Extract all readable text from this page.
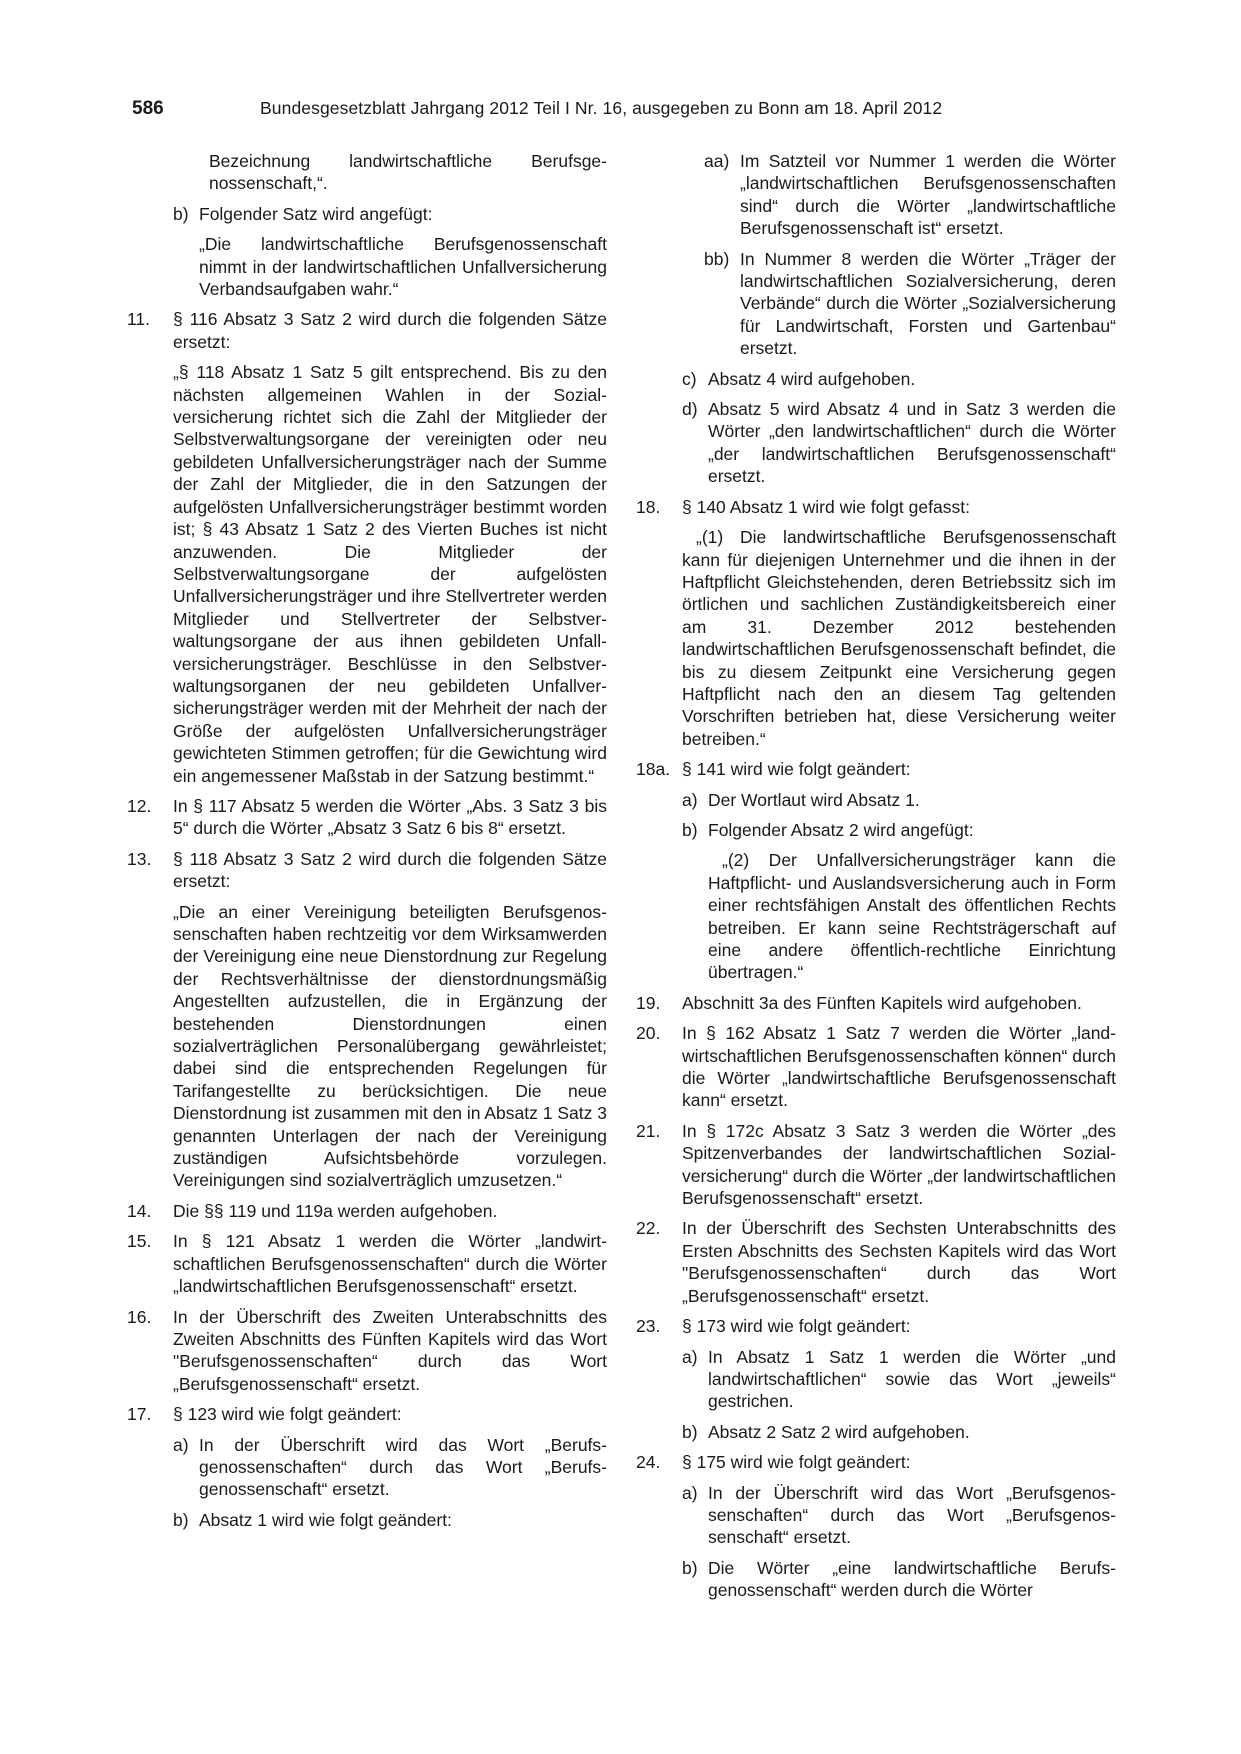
586	Bundesgesetzblatt Jahrgang 2012 Teil I Nr. 16, ausgegeben zu Bonn am 18. April 2012
Bezeichnung landwirtschaftliche Berufsgenossenschaft,“.
b) Folgender Satz wird angefügt:
„Die landwirtschaftliche Berufsgenossenschaft nimmt in der landwirtschaftlichen Unfallversicherung Verbandsaufgaben wahr.“
11.	§ 116 Absatz 3 Satz 2 wird durch die folgenden Sätze ersetzt:
„§ 118 Absatz 1 Satz 5 gilt entsprechend. Bis zu den nächsten allgemeinen Wahlen in der Sozialversicherung richtet sich die Zahl der Mitglieder der Selbstverwaltungsorgane der vereinigten oder neu gebildeten Unfallversicherungsträger nach der Summe der Zahl der Mitglieder, die in den Satzungen der aufgelösten Unfallversicherungsträger bestimmt worden ist; § 43 Absatz 1 Satz 2 des Vierten Buches ist nicht anzuwenden. Die Mitglieder der Selbstverwaltungsorgane der aufgelösten Unfallversicherungsträger und ihre Stellvertreter werden Mitglieder und Stellvertreter der Selbstverwaltungsorgane der aus ihnen gebildeten Unfallversicherungsträger. Beschlüsse in den Selbstverwaltungsorganen der neu gebildeten Unfallversicherungsträger werden mit der Mehrheit der nach der Größe der aufgelösten Unfallversicherungsträger gewichteten Stimmen getroffen; für die Gewichtung wird ein angemessener Maßstab in der Satzung bestimmt.“
12.	In § 117 Absatz 5 werden die Wörter „Abs. 3 Satz 3 bis 5“ durch die Wörter „Absatz 3 Satz 6 bis 8“ ersetzt.
13.	§ 118 Absatz 3 Satz 2 wird durch die folgenden Sätze ersetzt:
„Die an einer Vereinigung beteiligten Berufsgenossenschaften haben rechtzeitig vor dem Wirksamwerden der Vereinigung eine neue Dienstordnung zur Regelung der Rechtsverhältnisse der dienstordnungsmäßig Angestellten aufzustellen, die in Ergänzung der bestehenden Dienstordnungen einen sozialverträglichen Personalübergang gewährleistet; dabei sind die entsprechenden Regelungen für Tarifangestellte zu berücksichtigen. Die neue Dienstordnung ist zusammen mit den in Absatz 1 Satz 3 genannten Unterlagen der nach der Vereinigung zuständigen Aufsichtsbehörde vorzulegen. Vereinigungen sind sozialverträglich umzusetzen.“
14.	Die §§ 119 und 119a werden aufgehoben.
15.	In § 121 Absatz 1 werden die Wörter „landwirtschaftlichen Berufsgenossenschaften“ durch die Wörter „landwirtschaftlichen Berufsgenossenschaft“ ersetzt.
16.	In der Überschrift des Zweiten Unterabschnitts des Zweiten Abschnitts des Fünften Kapitels wird das Wort "Berufsgenossenschaften“ durch das Wort „Berufsgenossenschaft“ ersetzt.
17.	§ 123 wird wie folgt geändert:
a) In der Überschrift wird das Wort „Berufsgenossenschaften“ durch das Wort „Berufsgenossenschaft“ ersetzt.
b) Absatz 1 wird wie folgt geändert:
aa) Im Satzteil vor Nummer 1 werden die Wörter „landwirtschaftlichen Berufsgenossenschaften sind“ durch die Wörter „landwirtschaftliche Berufsgenossenschaft ist“ ersetzt.
bb) In Nummer 8 werden die Wörter „Träger der landwirtschaftlichen Sozialversicherung, deren Verbände“ durch die Wörter „Sozialversicherung für Landwirtschaft, Forsten und Gartenbau“ ersetzt.
c) Absatz 4 wird aufgehoben.
d) Absatz 5 wird Absatz 4 und in Satz 3 werden die Wörter „den landwirtschaftlichen“ durch die Wörter „der landwirtschaftlichen Berufsgenossenschaft“ ersetzt.
18.	§ 140 Absatz 1 wird wie folgt gefasst:
„(1) Die landwirtschaftliche Berufsgenossenschaft kann für diejenigen Unternehmer und die ihnen in der Haftpflicht Gleichstehenden, deren Betriebssitz sich im örtlichen und sachlichen Zuständigkeitsbereich einer am 31. Dezember 2012 bestehenden landwirtschaftlichen Berufsgenossenschaft befindet, die bis zu diesem Zeitpunkt eine Versicherung gegen Haftpflicht nach den an diesem Tag geltenden Vorschriften betrieben hat, diese Versicherung weiter betreiben.“
18a. § 141 wird wie folgt geändert:
a) Der Wortlaut wird Absatz 1.
b) Folgender Absatz 2 wird angefügt:
„(2) Der Unfallversicherungsträger kann die Haftpflicht- und Auslandsversicherung auch in Form einer rechtsfähigen Anstalt des öffentlichen Rechts betreiben. Er kann seine Rechtsträgerschaft auf eine andere öffentlich-rechtliche Einrichtung übertragen.“
19.	Abschnitt 3a des Fünften Kapitels wird aufgehoben.
20.	In § 162 Absatz 1 Satz 7 werden die Wörter „landwirtschaftlichen Berufsgenossenschaften können“ durch die Wörter „landwirtschaftliche Berufsgenossenschaft kann“ ersetzt.
21.	In § 172c Absatz 3 Satz 3 werden die Wörter „des Spitzenverbandes der landwirtschaftlichen Sozialversicherung“ durch die Wörter „der landwirtschaftlichen Berufsgenossenschaft“ ersetzt.
22.	In der Überschrift des Sechsten Unterabschnitts des Ersten Abschnitts des Sechsten Kapitels wird das Wort "Berufsgenossenschaften“ durch das Wort „Berufsgenossenschaft“ ersetzt.
23.	§ 173 wird wie folgt geändert:
a) In Absatz 1 Satz 1 werden die Wörter „und landwirtschaftlichen“ sowie das Wort „jeweils“ gestrichen.
b) Absatz 2 Satz 2 wird aufgehoben.
24.	§ 175 wird wie folgt geändert:
a) In der Überschrift wird das Wort „Berufsgenossenschaften“ durch das Wort „Berufsgenossenschaft“ ersetzt.
b) Die Wörter „eine landwirtschaftliche Berufsgenossenschaft“ werden durch die Wörter
